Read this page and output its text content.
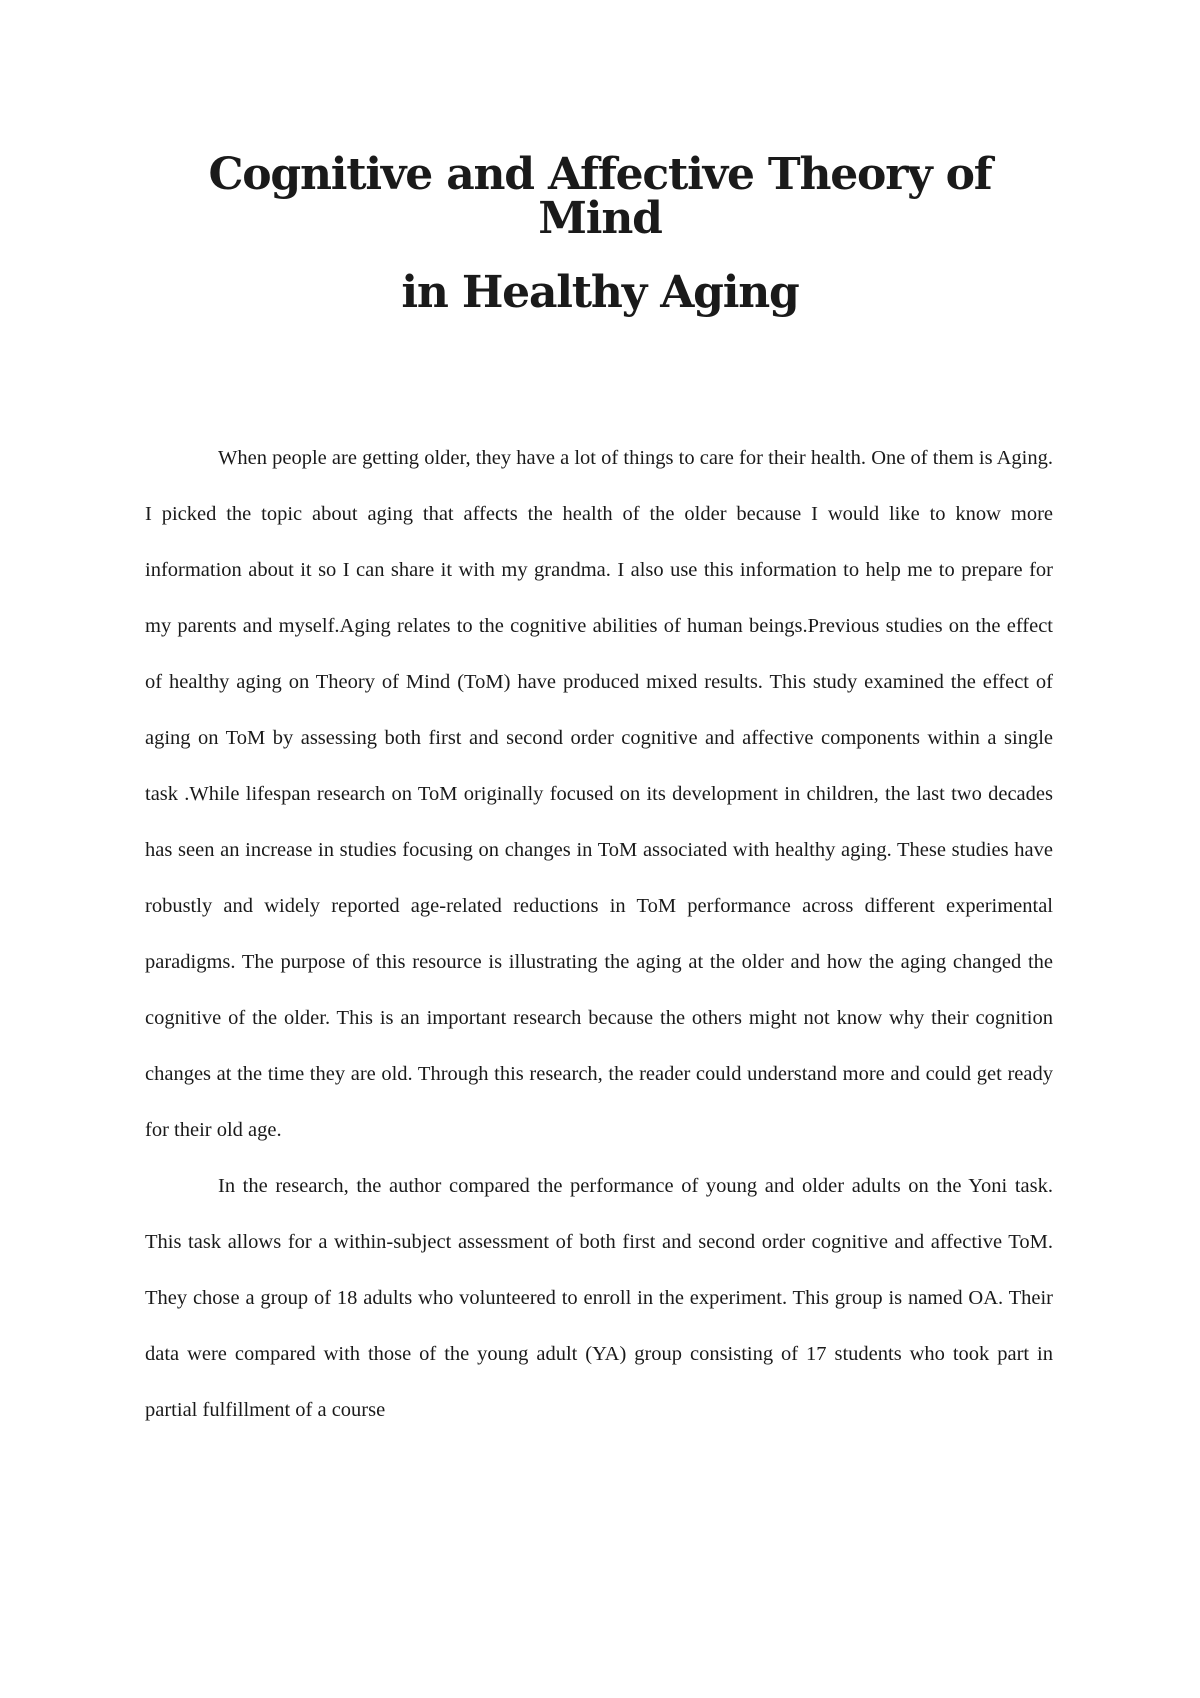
Cognitive and Affective Theory of Mind
in Healthy Aging

When people are getting older, they have a lot of things to care for their health. One of them is Aging. I picked the topic about aging that affects the health of the older because I would like to know more information about it so I can share it with my grandma. I also use this information to help me to prepare for my parents and myself.Aging relates to the cognitive abilities of human beings.Previous studies on the effect of healthy aging on Theory of Mind (ToM) have produced mixed results. This study examined the effect of aging on ToM by assessing both first and second order cognitive and affective components within a single task .While lifespan research on ToM originally focused on its development in children, the last two decades has seen an increase in studies focusing on changes in ToM associated with healthy aging. These studies have robustly and widely reported age-related reductions in ToM performance across different experimental paradigms. The purpose of this resource is illustrating the aging at the older and how the aging changed the cognitive of the older. This is an important research because the others might not know why their cognition changes at the time they are old. Through this research, the reader could understand more and could get ready for their old age.

In the research, the author compared the performance of young and older adults on the Yoni task. This task allows for a within-subject assessment of both first and second order cognitive and affective ToM. They chose a group of 18 adults who volunteered to enroll in the experiment. This group is named OA. Their data were compared with those of the young adult (YA) group consisting of 17 students who took part in partial fulfillment of a course
